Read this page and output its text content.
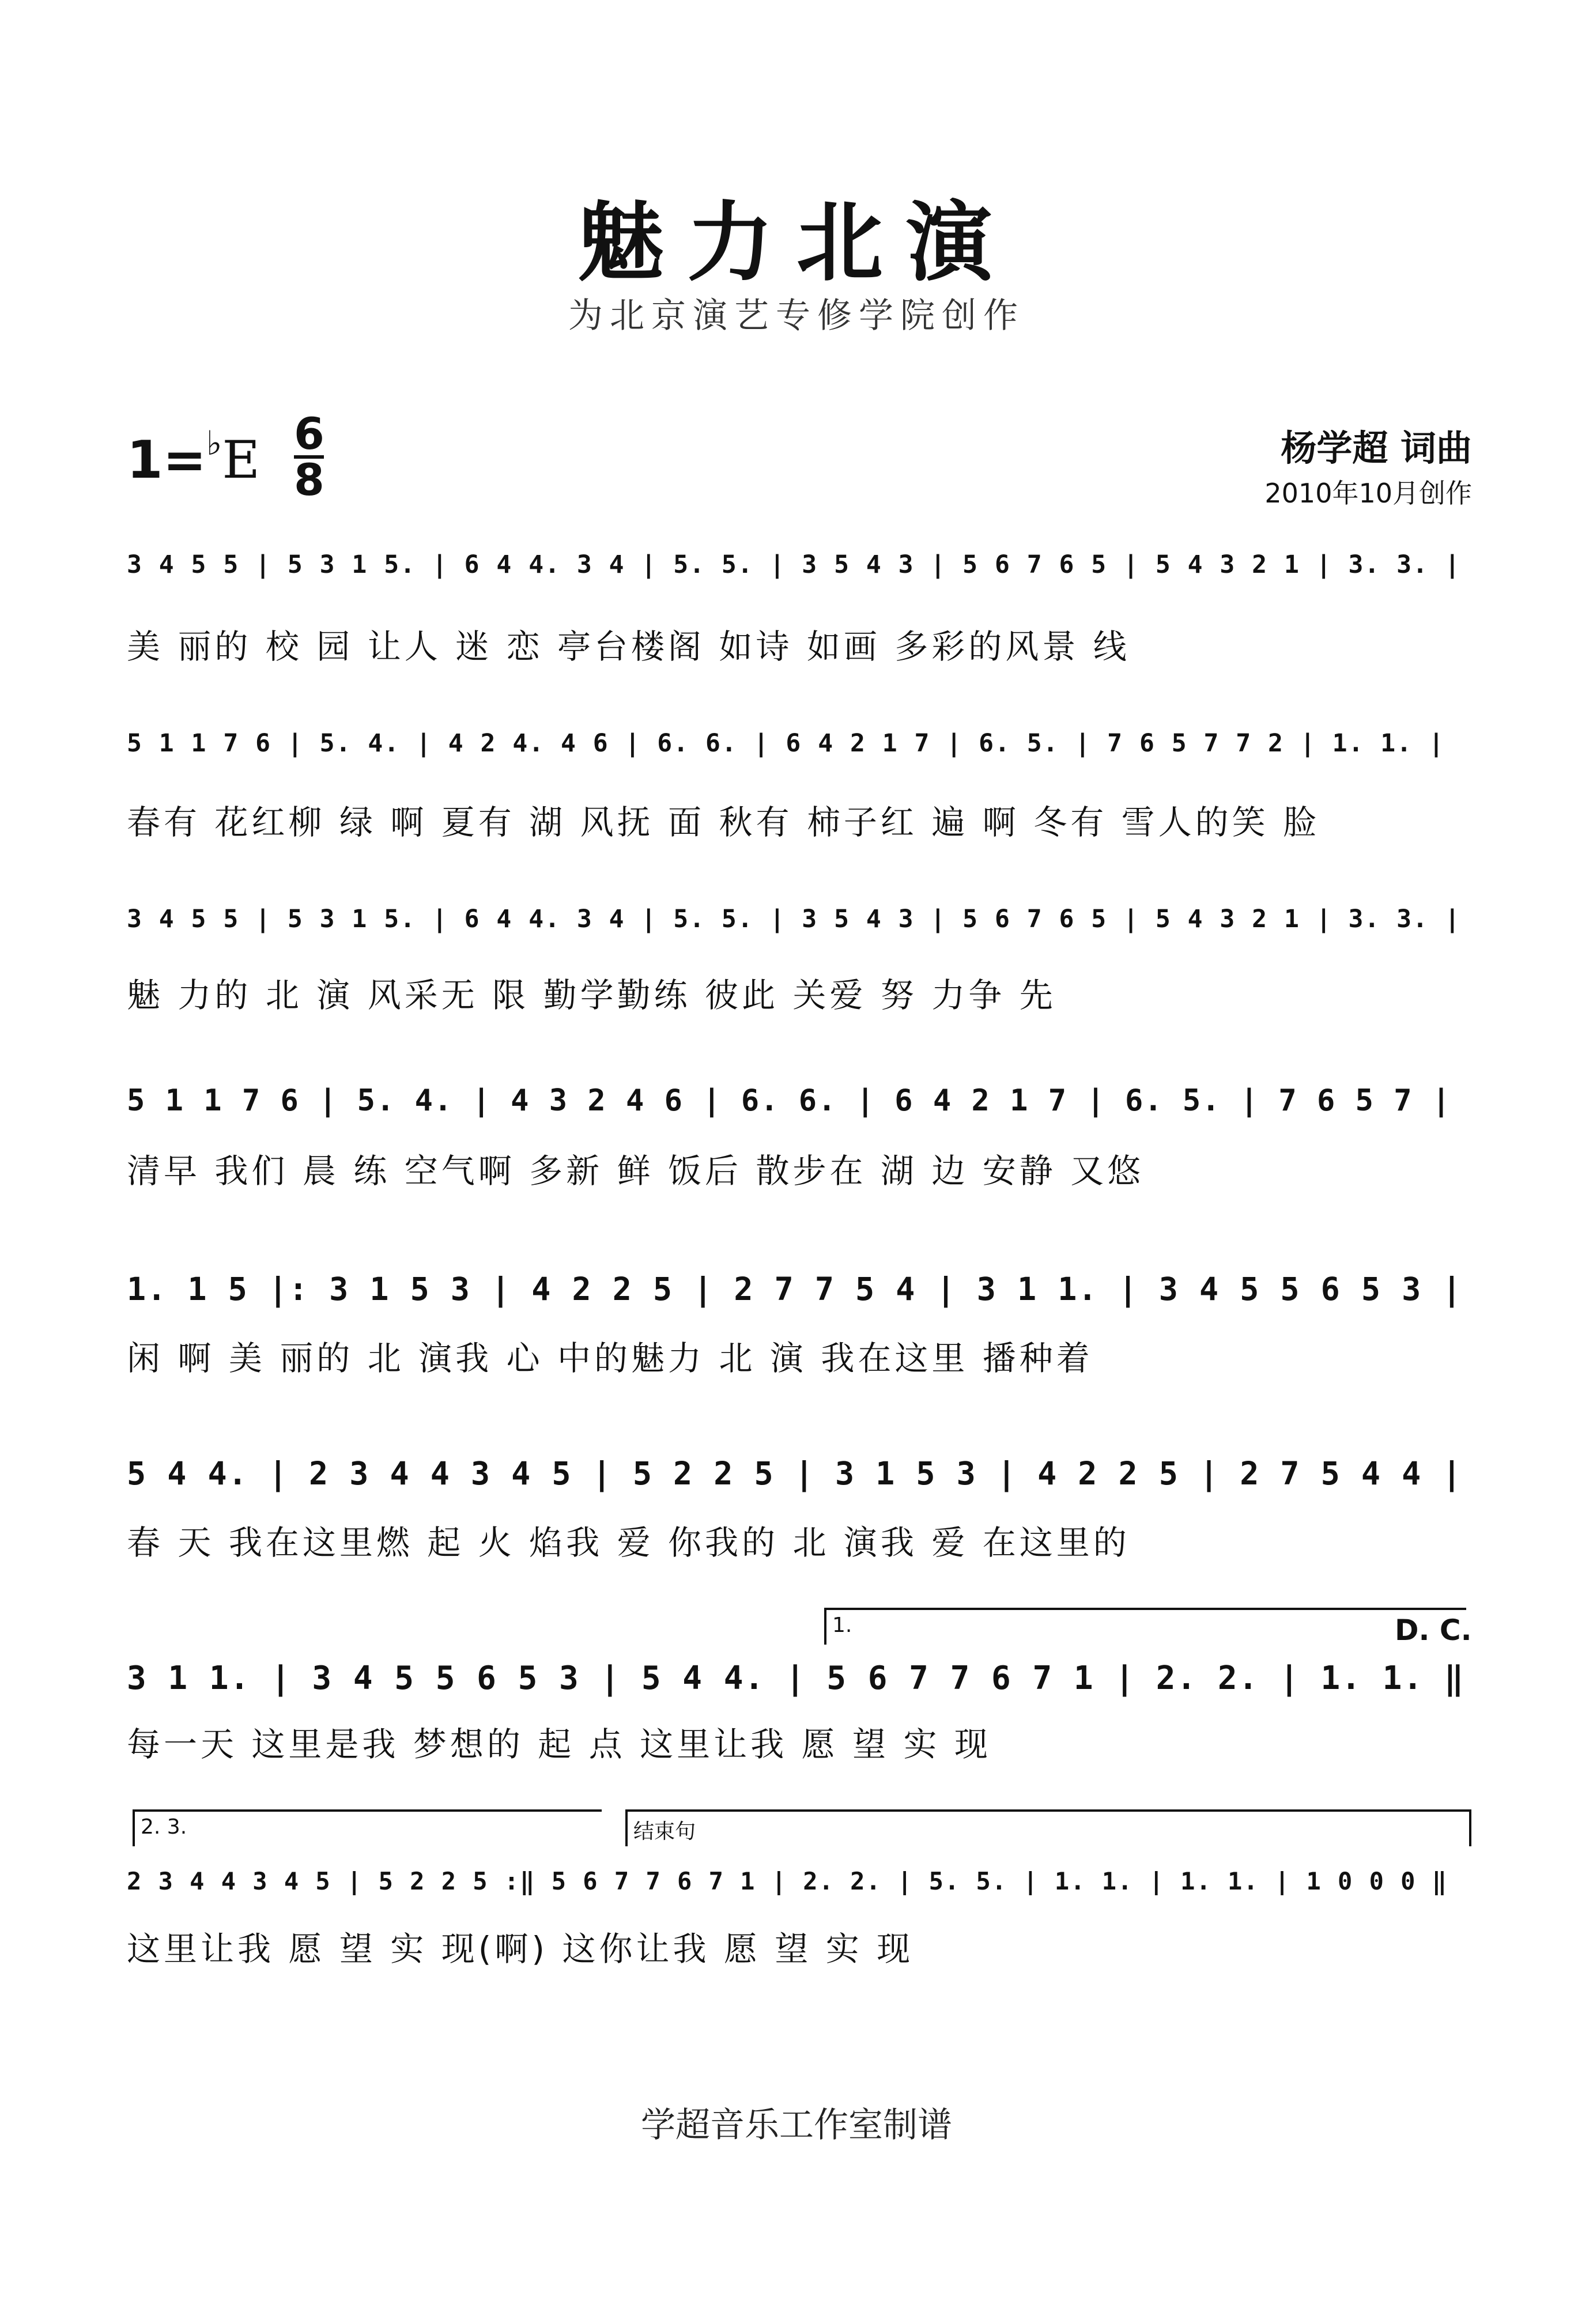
魅力北演
为北京演艺专修学院创作
1=♭E 6
8
杨学超 词曲
2010年10月创作
3 4 5 5 | 5 3 1 5. | 6 4 4. 3 4 | 5. 5. | 3 5 4 3 | 5 6 7 6 5 | 5 4 3 2 1 | 3. 3. |
美 丽的 校 园 让人 迷 恋 亭台楼阁 如诗 如画 多彩的风景 线
5 1 1 7 6 | 5. 4. | 4 2 4. 4 6 | 6. 6. | 6 4 2 1 7 | 6. 5. | 7 6 5 7 7 2 | 1. 1. |
春有 花红柳 绿 啊 夏有 湖 风抚 面 秋有 柿子红 遍 啊 冬有 雪人的笑 脸
3 4 5 5 | 5 3 1 5. | 6 4 4. 3 4 | 5. 5. | 3 5 4 3 | 5 6 7 6 5 | 5 4 3 2 1 | 3. 3. |
魅 力的 北 演 风采无 限 勤学勤练 彼此 关爱 努 力争 先
5 1 1 7 6 | 5. 4. | 4 3 2 4 6 | 6. 6. | 6 4 2 1 7 | 6. 5. | 7 6 5 7 |
清早 我们 晨 练 空气啊 多新 鲜 饭后 散步在 湖 边 安静 又悠
1. 1 5 |: 3 1 5 3 | 4 2 2 5 | 2 7 7 5 4 | 3 1 1. | 3 4 5 5 6 5 3 |
闲 啊 美 丽的 北 演我 心 中的魅力 北 演 我在这里 播种着
5 4 4. | 2 3 4 4 3 4 5 | 5 2 2 5 | 3 1 5 3 | 4 2 2 5 | 2 7 5 4 4 |
春 天 我在这里燃 起 火 焰我 爱 你我的 北 演我 爱 在这里的
1.	D. C.
3 1 1. | 3 4 5 5 6 5 3 | 5 4 4. | 5 6 7 7 6 7 1 | 2. 2. | 1. 1. ‖
每一天 这里是我 梦想的 起 点 这里让我 愿 望 实 现
2. 3.	结束句
2 3 4 4 3 4 5 | 5 2 2 5 :‖ 5 6 7 7 6 7 1 | 2. 2. | 5. 5. | 1. 1. | 1. 1. | 1 0 0 0 ‖
这里让我 愿 望 实 现(啊) 这你让我 愿 望 实 现
学超音乐工作室制谱
